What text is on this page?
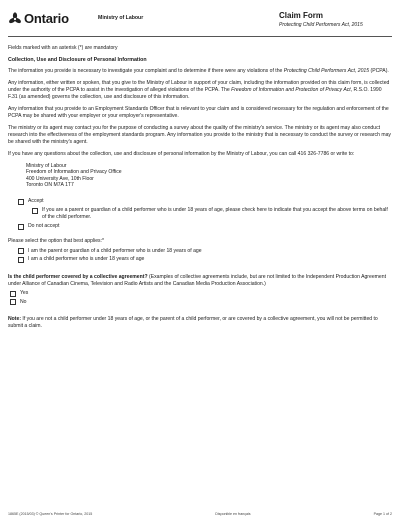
Ontario	Ministry of Labour	Claim Form
Protecting Child Performers Act, 2015

Fields marked with an asterisk (*) are mandatory

Collection, Use and Disclosure of Personal Information

The information you provide is necessary to investigate your complaint and to determine if there were any violations of the Protecting Child Performers Act, 2015 (PCPA).

Any information, either written or spoken, that you give to the Ministry of Labour in support of your claim, including the information provided on this claim form, is collected under the authority of the PCPA to assist in the investigation of alleged violations of the PCPA. The Freedom of Information and Protection of Privacy Act, R.S.O. 1990 F.31 (as amended) governs the collection, use and disclosure of this information.

Any information that you provide to an Employment Standards Officer that is relevant to your claim and is considered necessary for the regulation and enforcement of the PCPA may be shared with your employer or your employer's representative.

The ministry or its agent may contact you for the purpose of conducting a survey about the quality of the ministry's service. The ministry or its agent may also conduct research into the effectiveness of the employment standards program. Any information you provide to the ministry that is necessary to conduct the survey or research may be shared with the ministry's agent.

If you have any questions about the collection, use and disclosure of personal information by the Ministry of Labour, you can call 416 326-7786 or write to:

Ministry of Labour
Freedom of Information and Privacy Office
400 University Ave, 10th Floor
Toronto ON M7A 1T7
Accept
If you are a parent or guardian of a child performer who is under 18 years of age, please check here to indicate that you accept the above terms on behalf of the child performer.
Do not accept

Please select the option that best applies:*

I am the parent or guardian of a child performer who is under 18 years of age
I am a child performer who is under 18 years of age

Is the child performer covered by a collective agreement? (Examples of collective agreements include, but are not limited to the Independent Production Agreement under Alliance of Canadian Cinema, Television and Radio Artists and the Canadian Media Production Association.)

Yes
No

Note: If you are not a child performer under 18 years of age, or the parent of a child performer, or are covered by a collective agreement, you will not be permitted to submit a claim.

1865E (2015/03) © Queen's Printer for Ontario, 2015	Disponible en français	Page 1 of 2
